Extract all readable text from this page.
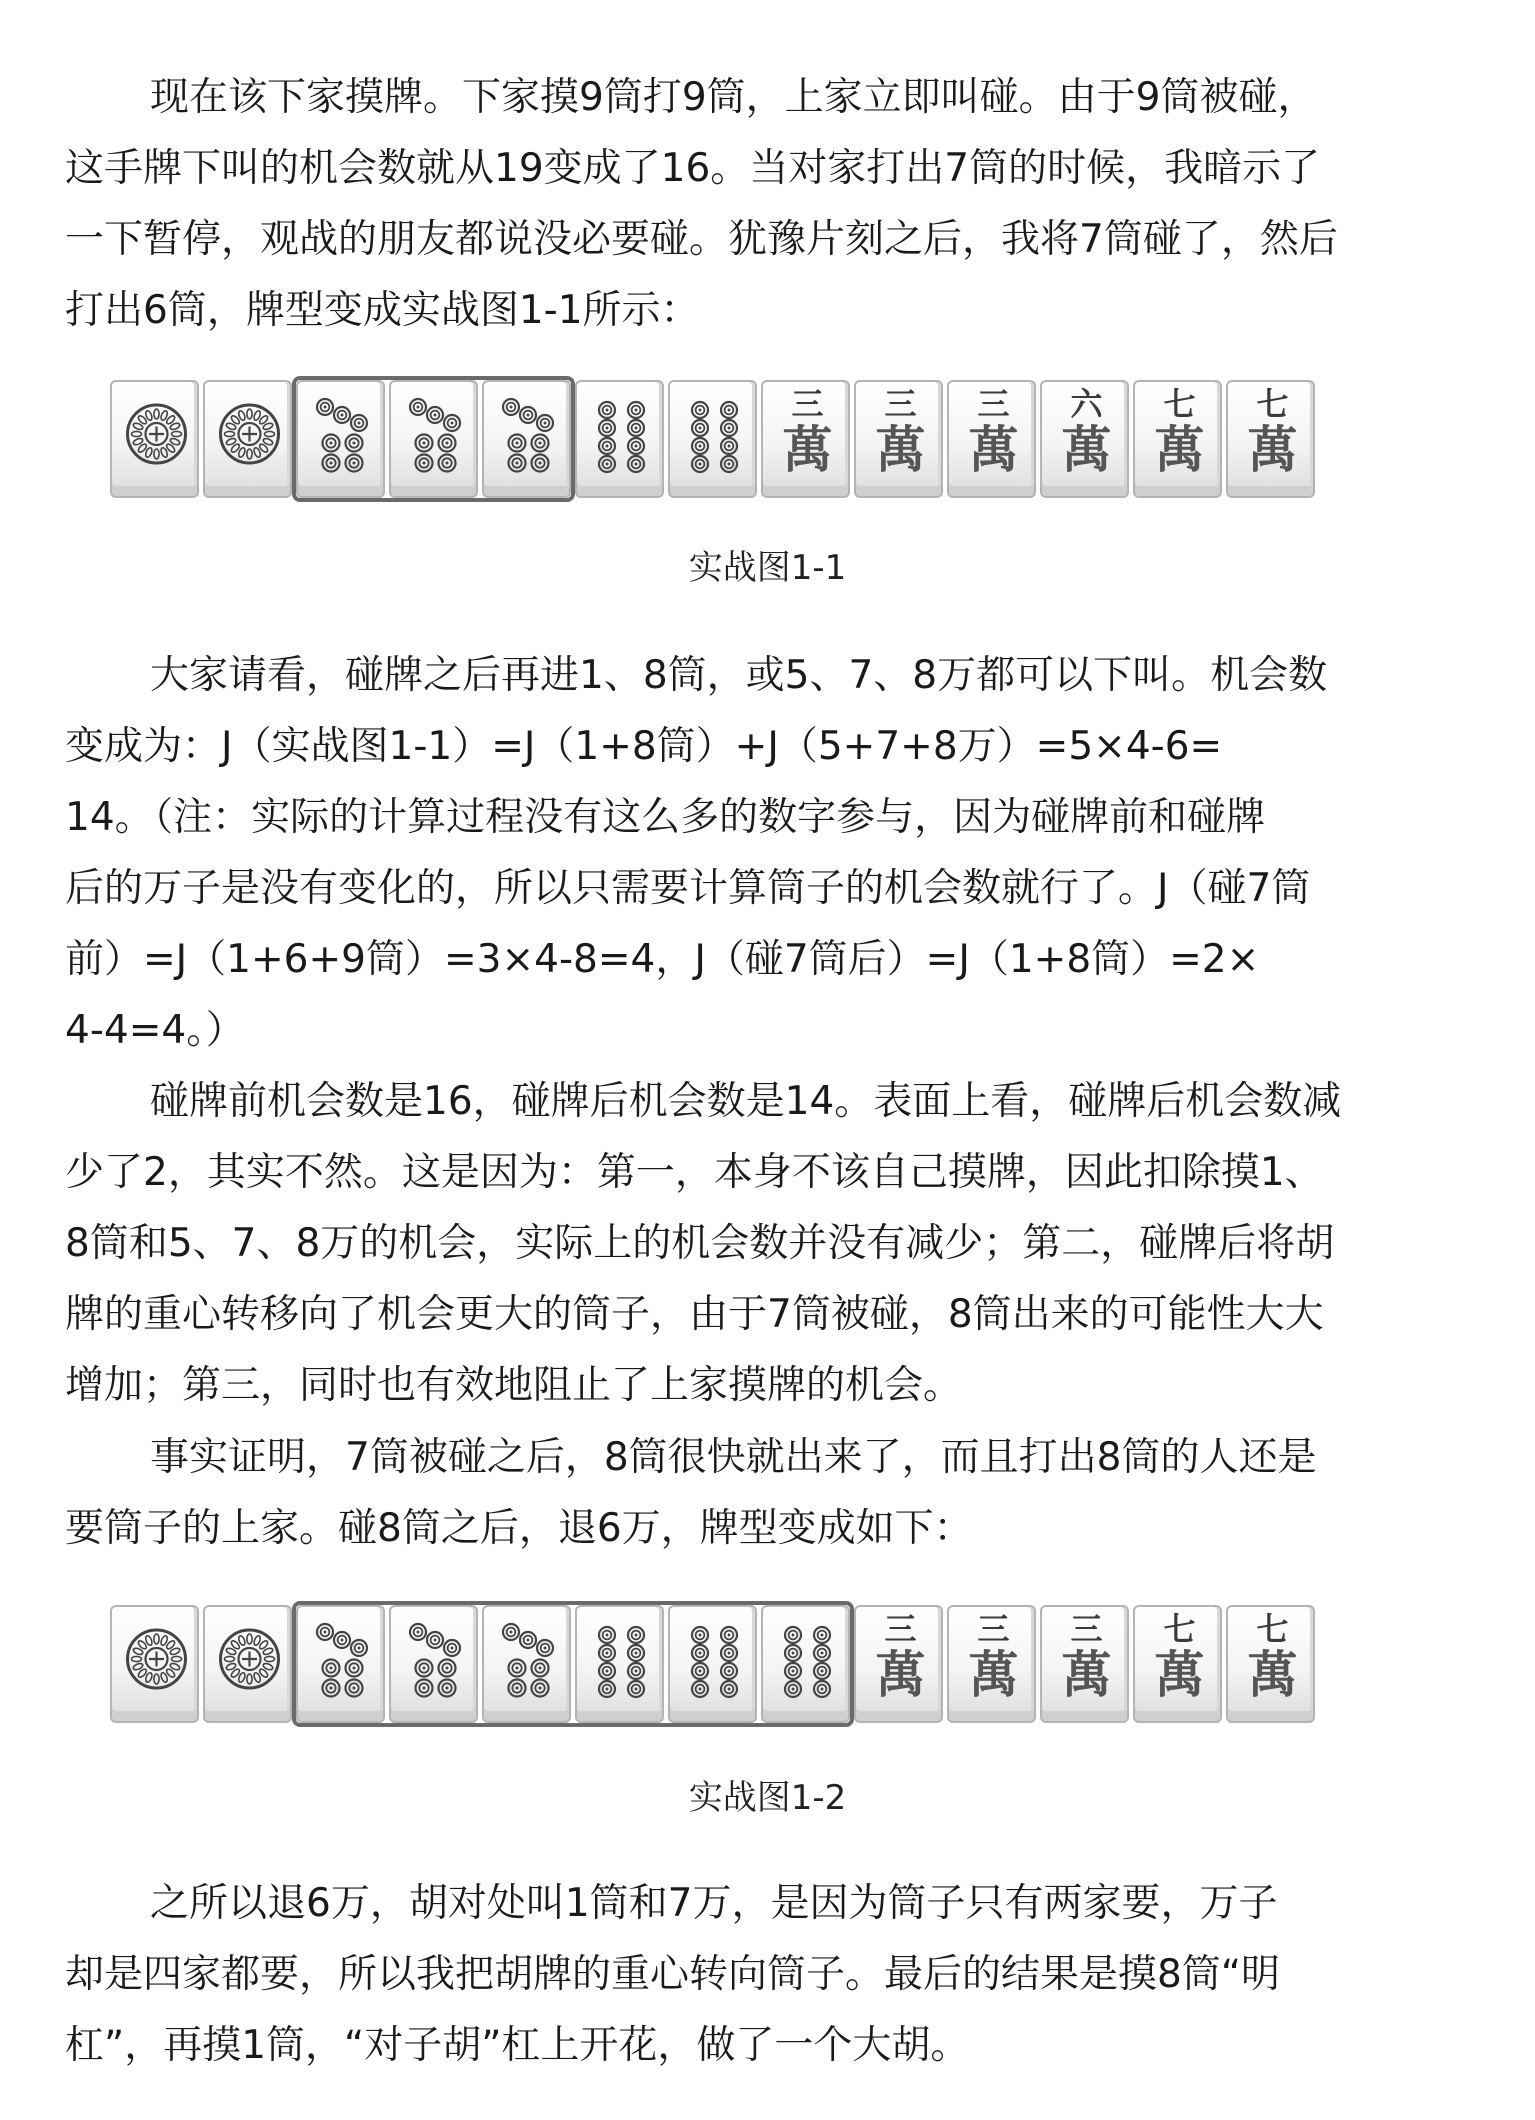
现在该下家摸牌。下家摸9筒打9筒，上家立即叫碰。由于9筒被碰，
这手牌下叫的机会数就从19变成了16。当对家打出7筒的时候，我暗示了
一下暂停，观战的朋友都说没必要碰。犹豫片刻之后，我将7筒碰了，然后
打出6筒，牌型变成实战图1-1所示：
三
萬
三
萬
三
萬
六
萬
七
萬
七
萬
实战图1-1
大家请看，碰牌之后再进1、8筒，或5、7、8万都可以下叫。机会数
变成为：J（实战图1-1）=J（1+8筒）+J（5+7+8万）=5×4-6=
14。（注：实际的计算过程没有这么多的数字参与，因为碰牌前和碰牌
后的万子是没有变化的，所以只需要计算筒子的机会数就行了。J（碰7筒
前）=J（1+6+9筒）=3×4-8=4，J（碰7筒后）=J（1+8筒）=2×
4-4=4。）
碰牌前机会数是16，碰牌后机会数是14。表面上看，碰牌后机会数减
少了2，其实不然。这是因为：第一，本身不该自己摸牌，因此扣除摸1、
8筒和5、7、8万的机会，实际上的机会数并没有减少；第二，碰牌后将胡
牌的重心转移向了机会更大的筒子，由于7筒被碰，8筒出来的可能性大大
增加；第三，同时也有效地阻止了上家摸牌的机会。
事实证明，7筒被碰之后，8筒很快就出来了，而且打出8筒的人还是
要筒子的上家。碰8筒之后，退6万，牌型变成如下：
三
萬
三
萬
三
萬
七
萬
七
萬
实战图1-2
之所以退6万，胡对处叫1筒和7万，是因为筒子只有两家要，万子
却是四家都要，所以我把胡牌的重心转向筒子。最后的结果是摸8筒“明
杠”，再摸1筒，“对子胡”杠上开花，做了一个大胡。
